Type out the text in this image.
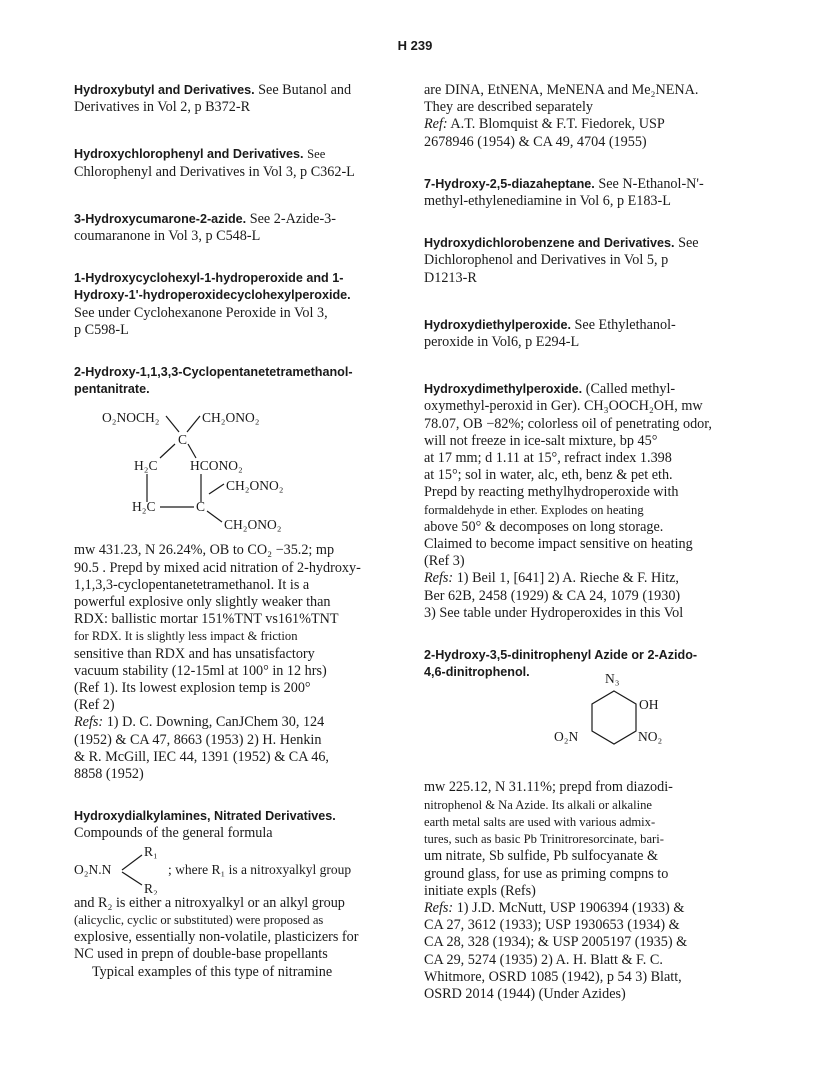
H 239
Hydroxybutyl and Derivatives. See Butanol and
Derivatives in Vol 2, p B372-R
Hydroxychlorophenyl and Derivatives. See
Chlorophenyl and Derivatives in Vol 3, p C362-L
3-Hydroxycumarone-2-azide. See 2-Azide-3-
coumaranone in Vol 3, p C548-L
1-Hydroxycyclohexyl-1-hydroperoxide and 1-
Hydroxy-1'-hydroperoxidecyclohexylperoxide.
See under Cyclohexanone Peroxide in Vol 3,
p C598-L
2-Hydroxy-1,1,3,3-Cyclopentanetetramethanol-
pentanitrate.
O₂NOCH₂	CH₂ONO₂
C
H₂C HCONO₂
CH₂ONO₂
H₂C	C
CH₂ONO₂
mw 431.23, N 26.24%, OB to CO₂ −35.2; mp
90.5 . Prepd by mixed acid nitration of 2-hydroxy-
1,1,3,3-cyclopentanetetramethanol. It is a
powerful explosive only slightly weaker than
RDX: ballistic mortar 151%TNT vs161%TNT
for RDX. It is slightly less impact & friction
sensitive than RDX and has unsatisfactory
vacuum stability (12-15ml at 100° in 12 hrs)
(Ref 1). Its lowest explosion temp is 200°
(Ref 2)
Refs: 1) D. C. Downing, CanJChem 30, 124
(1952) & CA 47, 8663 (1953) 2) H. Henkin
& R. McGill, IEC 44, 1391 (1952) & CA 46,
8858 (1952)
Hydroxydialkylamines, Nitrated Derivatives.
Compounds of the general formula
R₁
O₂N.N
R₂
; where R₁ is a nitroxyalkyl group
and R₂ is either a nitroxyalkyl or an alkyl group
(alicyclic, cyclic or substituted) were proposed as
explosive, essentially non-volatile, plasticizers for
NC used in prepn of double-base propellants
Typical examples of this type of nitramine
are DINA, EtNENA, MeNENA and Me₂NENA.
They are described separately
Ref: A.T. Blomquist & F.T. Fiedorek, USP
2678946 (1954) & CA 49, 4704 (1955)
7-Hydroxy-2,5-diazaheptane. See N-Ethanol-N'-
methyl-ethylenediamine in Vol 6, p E183-L
Hydroxydichlorobenzene and Derivatives. See
Dichlorophenol and Derivatives in Vol 5, p
D1213-R
Hydroxydiethylperoxide. See Ethylethanol-
peroxide in Vol6, p E294-L
Hydroxydimethylperoxide. (Called methyl-
oxymethyl-peroxid in Ger). CH₃OOCH₂OH, mw
78.07, OB −82%; colorless oil of penetrating odor,
will not freeze in ice-salt mixture, bp 45°
at 17 mm; d 1.11 at 15°, refract index 1.398
at 15°; sol in water, alc, eth, benz & pet eth.
Prepd by reacting methylhydroperoxide with
formaldehyde in ether. Explodes on heating
above 50° & decomposes on long storage.
Claimed to become impact sensitive on heating
(Ref 3)
Refs: 1) Beil 1, [641] 2) A. Rieche & F. Hitz,
Ber 62B, 2458 (1929) & CA 24, 1079 (1930)
3) See table under Hydroperoxides in this Vol
2-Hydroxy-3,5-dinitrophenyl Azide or 2-Azido-
4,6-dinitrophenol.	N₃
OH
O₂N	NO₂
mw 225.12, N 31.11%; prepd from diazodi-
nitrophenol & Na Azide. Its alkali or alkaline
earth metal salts are used with various admix-
tures, such as basic Pb Trinitroresorcinate, bari-
um nitrate, Sb sulfide, Pb sulfocyanate &
ground glass, for use as priming compns to
initiate expls (Refs)
Refs: 1) J.D. McNutt, USP 1906394 (1933) &
CA 27, 3612 (1933); USP 1930653 (1934) &
CA 28, 328 (1934); & USP 2005197 (1935) &
CA 29, 5274 (1935) 2) A. H. Blatt & F. C.
Whitmore, OSRD 1085 (1942), p 54 3) Blatt,
OSRD 2014 (1944) (Under Azides)
